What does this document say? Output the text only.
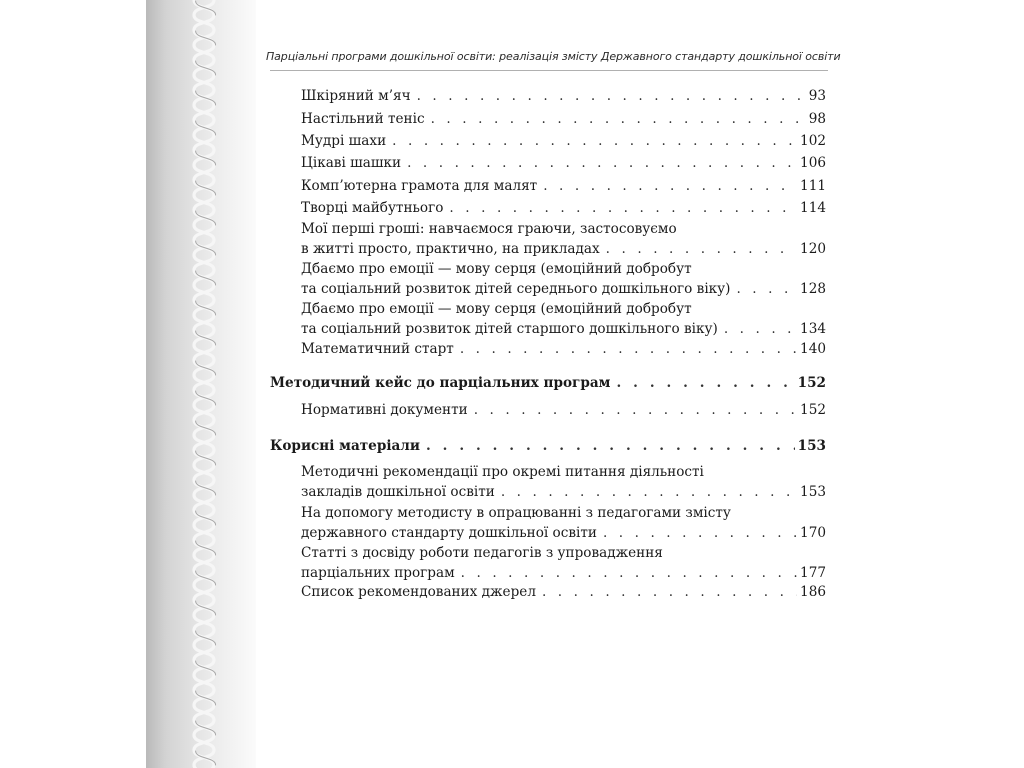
Парціальні програми дошкільної освіти: реалізація змісту Державного стандарту дошкільної освіти
Шкіряний м’яч . . .	93
Настільний теніс . . .	98
Мудрі шахи . . .	102
Цікаві шашки . . .	106
Комп’ютерна грамота для малят . . .	111
Творці майбутнього . . .	114
Мої перші гроші: навчаємося граючи, застосовуємо
в житті просто, практично, на прикладах . . .	120
Дбаємо про емоції — мову серця (емоційний добробут
та соціальний розвиток дітей середнього дошкільного віку) . . .	128
Дбаємо про емоції — мову серця (емоційний добробут
та соціальний розвиток дітей старшого дошкільного віку) . . .	134
Математичний старт . . .	140
Методичний кейс до парціальних програм . . .	152
Нормативні документи . . .	152
Корисні матеріали . . .	153
Методичні рекомендації про окремі питання діяльності
закладів дошкільної освіти . . .	153
На допомогу методисту в опрацюванні з педагогами змісту
державного стандарту дошкільної освіти . . .	170
Статті з досвіду роботи педагогів з упровадження
парціальних програм . . .	177
Список рекомендованих джерел . . .	186
